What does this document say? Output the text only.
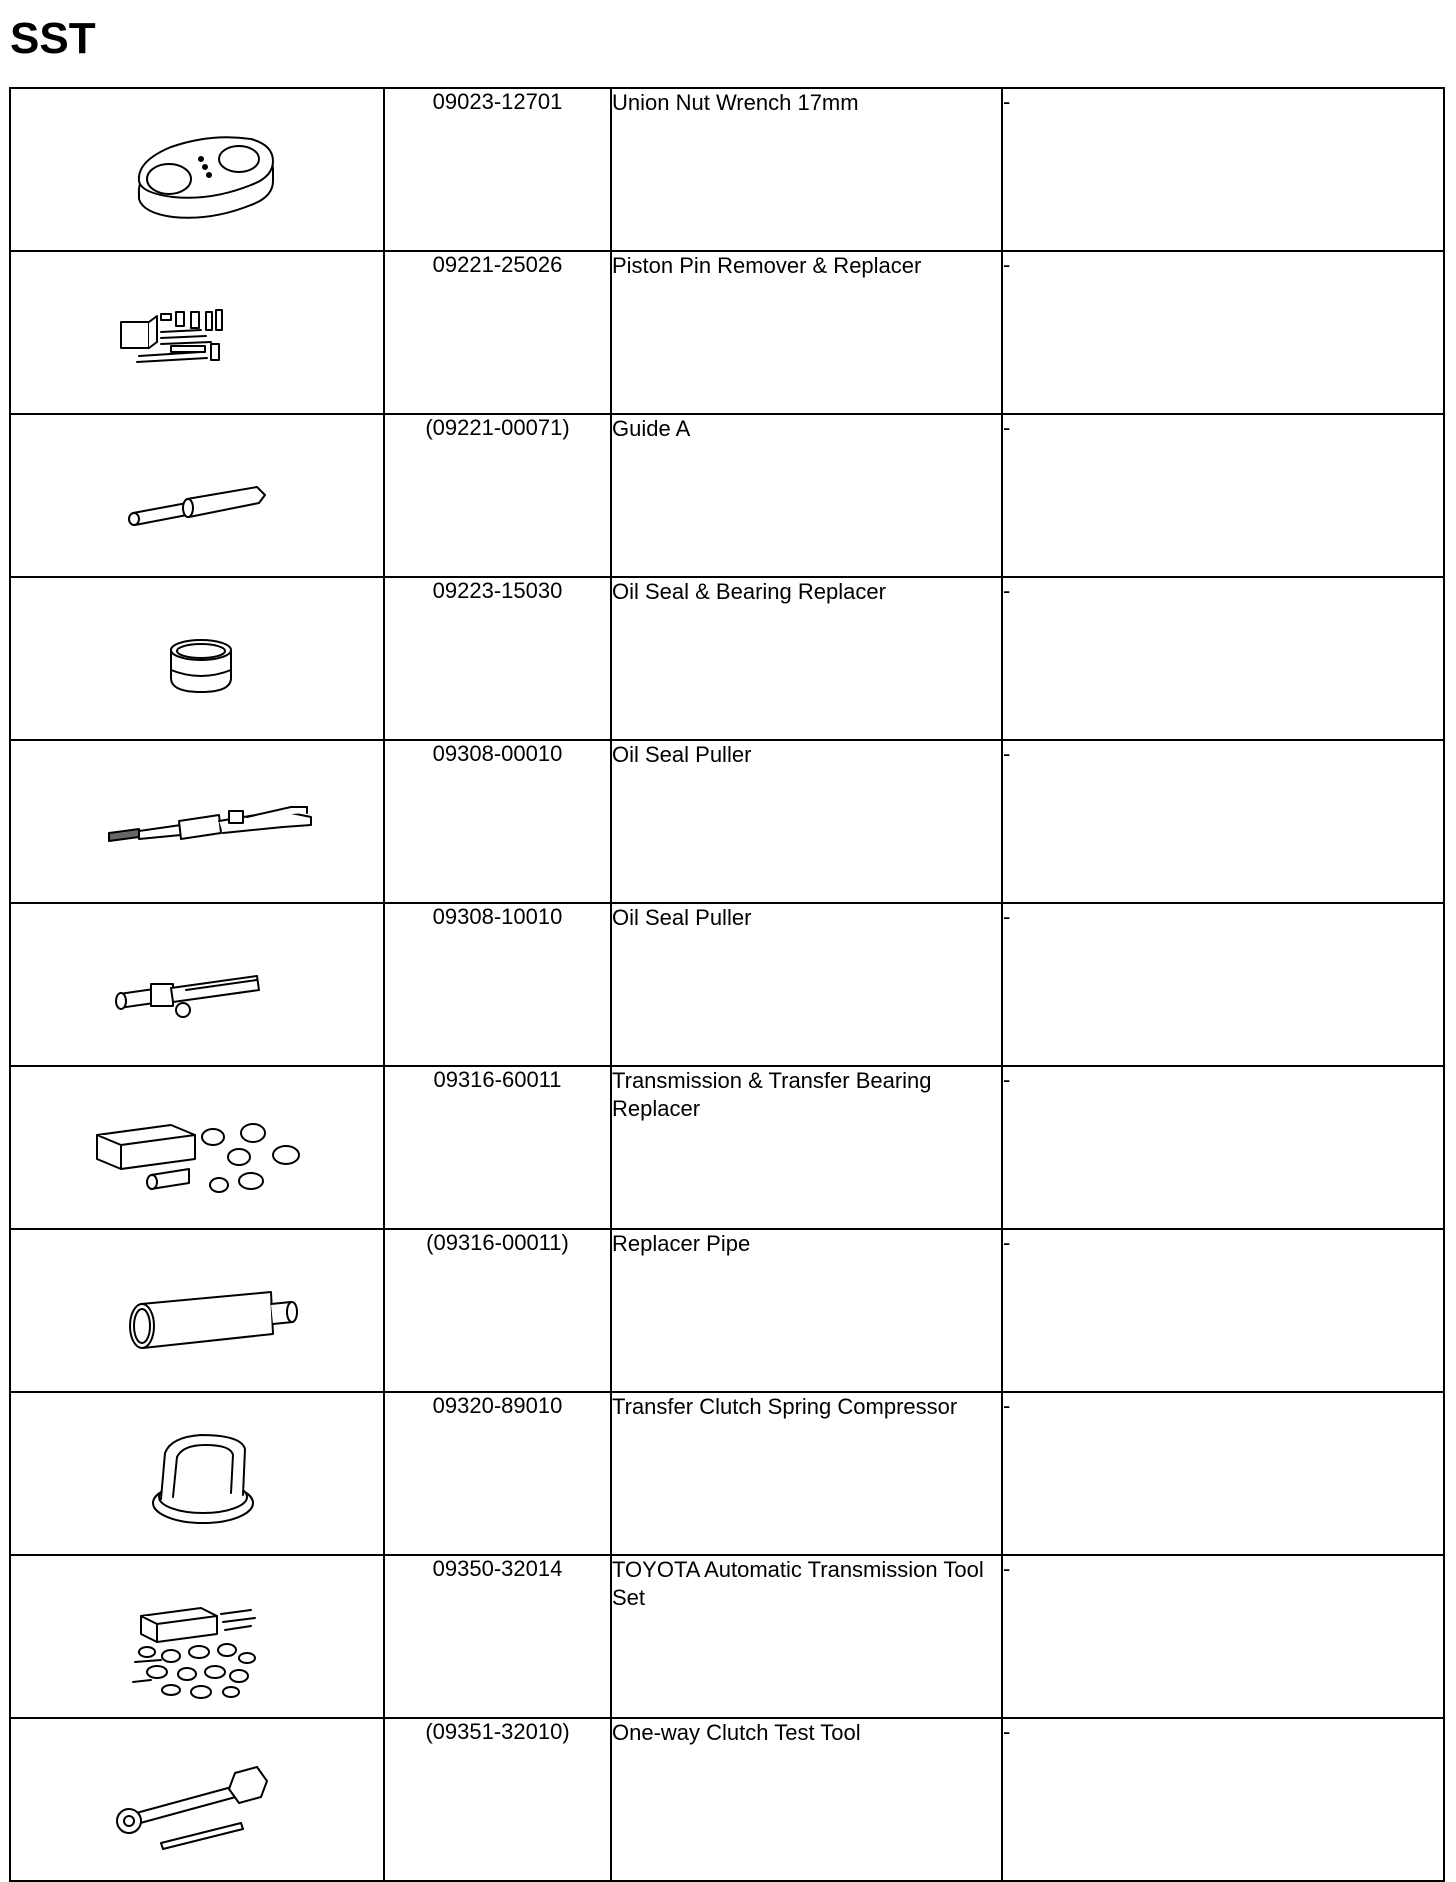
SST
	09023-12701	Union Nut Wrench 17mm	-

	09221-25026	Piston Pin Remover & Replacer	-

	(09221-00071)	Guide A	-

	09223-15030	Oil Seal & Bearing Replacer	-

	09308-00010	Oil Seal Puller	-

	09308-10010	Oil Seal Puller	-

	09316-60011	Transmission & Transfer Bearing Replacer	-

	(09316-00011)	Replacer Pipe	-

	09320-89010	Transfer Clutch Spring Compressor	-

	09350-32014	TOYOTA Automatic Transmission Tool Set	-

	(09351-32010)	One-way Clutch Test Tool	-
